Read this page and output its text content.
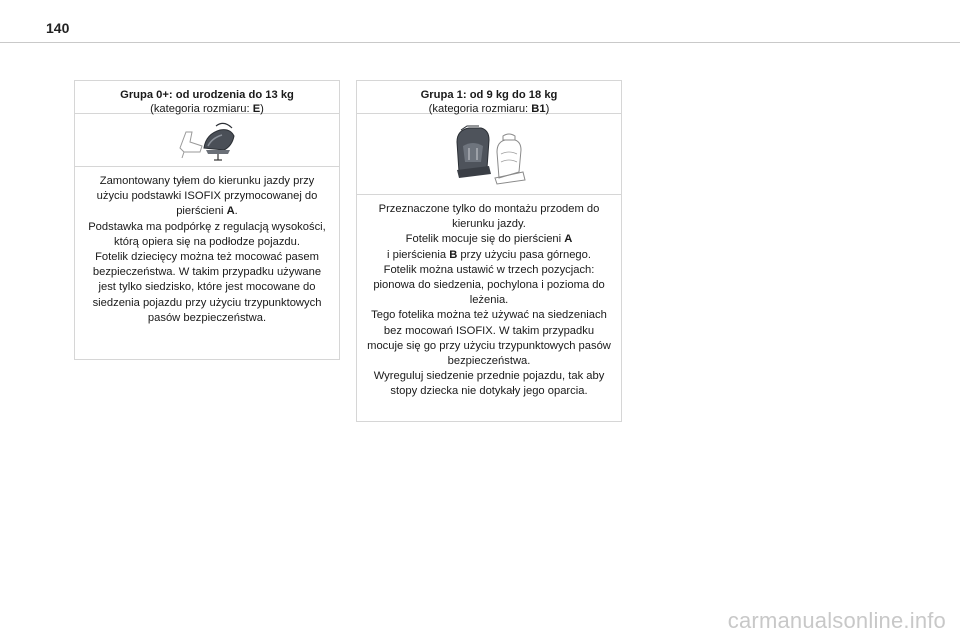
140
Grupa 0+: od urodzenia do 13 kg
(kategoria rozmiaru: E)

Zamontowany tyłem do kierunku jazdy przy użyciu podstawki ISOFIX przymocowanej do pierścieni A.

Podstawka ma podpórkę z regulacją wysokości, którą opiera się na podłodze pojazdu.

Fotelik dziecięcy można też mocować pasem bezpieczeństwa. W takim przypadku używane jest tylko siedzisko, które jest mocowane do siedzenia pojazdu przy użyciu trzypunktowych pasów bezpieczeństwa.

Grupa 1: od 9 kg do 18 kg
(kategoria rozmiaru: B1)

Przeznaczone tylko do montażu przodem do kierunku jazdy.

Fotelik mocuje się do pierścieni A

i pierścienia B przy użyciu pasa górnego.

Fotelik można ustawić w trzech pozycjach: pionowa do siedzenia, pochylona i pozioma do leżenia.

Tego fotelika można też używać na siedzeniach bez mocowań ISOFIX. W takim przypadku mocuje się go przy użyciu trzypunktowych pasów bezpieczeństwa.

Wyreguluj siedzenie przednie pojazdu, tak aby stopy dziecka nie dotykały jego oparcia.

carmanualsonline.info
